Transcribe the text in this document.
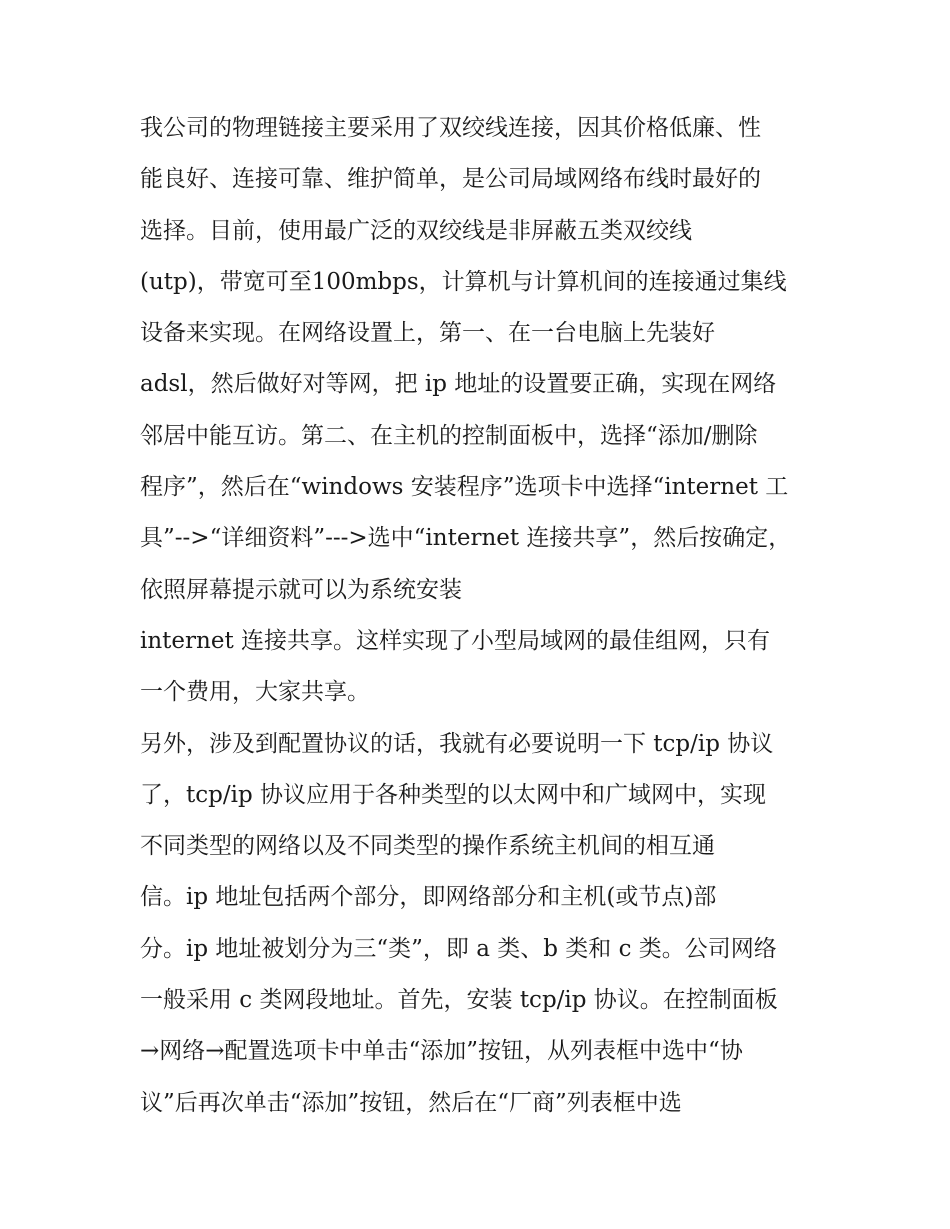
我公司的物理链接主要采用了双绞线连接，因其价格低廉、性
能良好、连接可靠、维护简单，是公司局域网络布线时最好的
选择。目前，使用最广泛的双绞线是非屏蔽五类双绞线
(utp)，带宽可至100mbps，计算机与计算机间的连接通过集线
设备来实现。在网络设置上，第一、在一台电脑上先装好
adsl，然后做好对等网，把 ip 地址的设置要正确，实现在网络
邻居中能互访。第二、在主机的控制面板中，选择“添加/删除
程序”，然后在“windows 安装程序”选项卡中选择“internet 工
具”-->“详细资料”--->选中“internet 连接共享”，然后按确定，
依照屏幕提示就可以为系统安装
internet 连接共享。这样实现了小型局域网的最佳组网，只有
一个费用，大家共享。
另外，涉及到配置协议的话，我就有必要说明一下 tcp/ip 协议
了，tcp/ip 协议应用于各种类型的以太网中和广域网中，实现
不同类型的网络以及不同类型的操作系统主机间的相互通
信。ip 地址包括两个部分，即网络部分和主机(或节点)部
分。ip 地址被划分为三“类”，即 a 类、b 类和 c 类。公司网络
一般采用 c 类网段地址。首先，安装 tcp/ip 协议。在控制面板
→网络→配置选项卡中单击“添加”按钮，从列表框中选中“协
议”后再次单击“添加”按钮，然后在“厂商”列表框中选
